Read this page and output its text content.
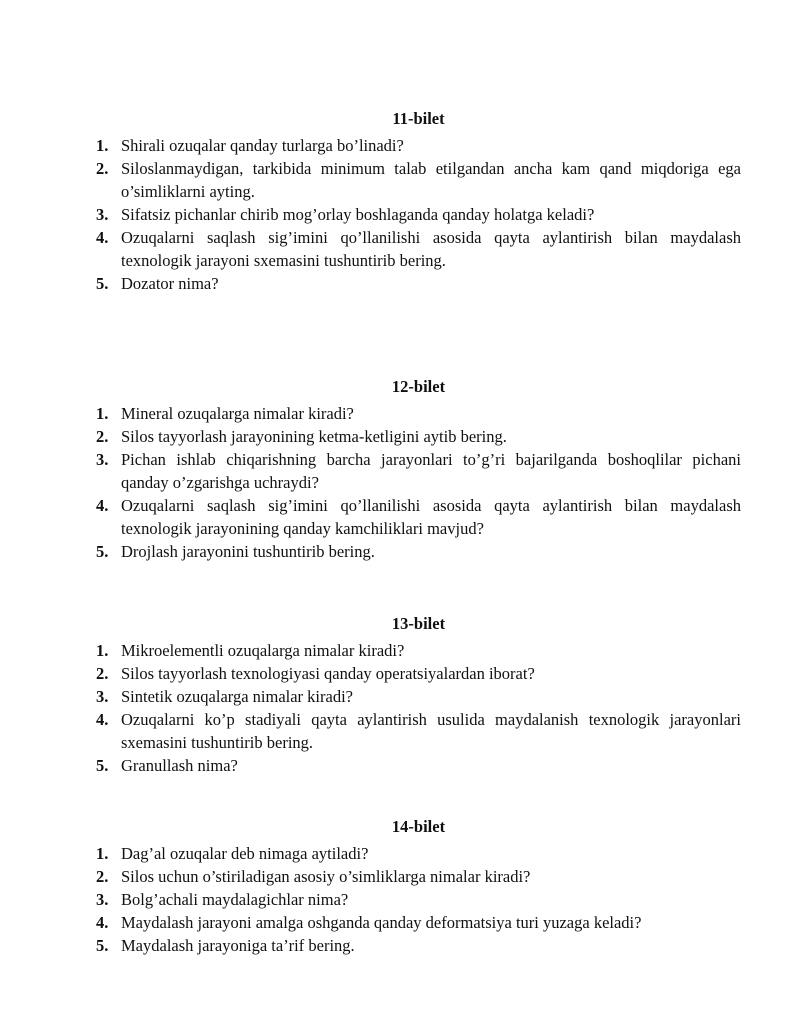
11-bilet
1. Shirali ozuqalar qanday turlarga bo’linadi?
2. Siloslanmaydigan, tarkibida minimum talab etilgandan ancha kam qand miqdoriga ega o’simliklarni ayting.
3. Sifatsiz pichanlar chirib mog’orlay boshlaganda qanday holatga keladi?
4. Ozuqalarni saqlash sig’imini qo’llanilishi asosida qayta aylantirish bilan maydalash texnologik jarayoni sxemasini tushuntirib bering.
5. Dozator nima?
12-bilet
1. Mineral ozuqalarga nimalar kiradi?
2. Silos tayyorlash jarayonining ketma-ketligini aytib bering.
3. Pichan ishlab chiqarishning barcha jarayonlari to’g’ri bajarilganda boshoqlilar pichani qanday o’zgarishga uchraydi?
4. Ozuqalarni saqlash sig’imini qo’llanilishi asosida qayta aylantirish bilan maydalash texnologik jarayonining qanday kamchiliklari mavjud?
5. Drojlash jarayonini tushuntirib bering.
13-bilet
1. Mikroelementli ozuqalarga nimalar kiradi?
2. Silos tayyorlash texnologiyasi qanday operatsiyalardan iborat?
3. Sintetik ozuqalarga nimalar kiradi?
4. Ozuqalarni ko’p stadiyali qayta aylantirish usulida maydalanish texnologik jarayonlari sxemasini tushuntirib bering.
5. Granullash nima?
14-bilet
1. Dag’al ozuqalar deb nimaga aytiladi?
2. Silos uchun o’stiriladigan asosiy o’simliklarga nimalar kiradi?
3. Bolg’achali maydalagichlar nima?
4. Maydalash jarayoni amalga oshganda qanday deformatsiya turi yuzaga keladi?
5. Maydalash jarayoniga ta’rif bering.
